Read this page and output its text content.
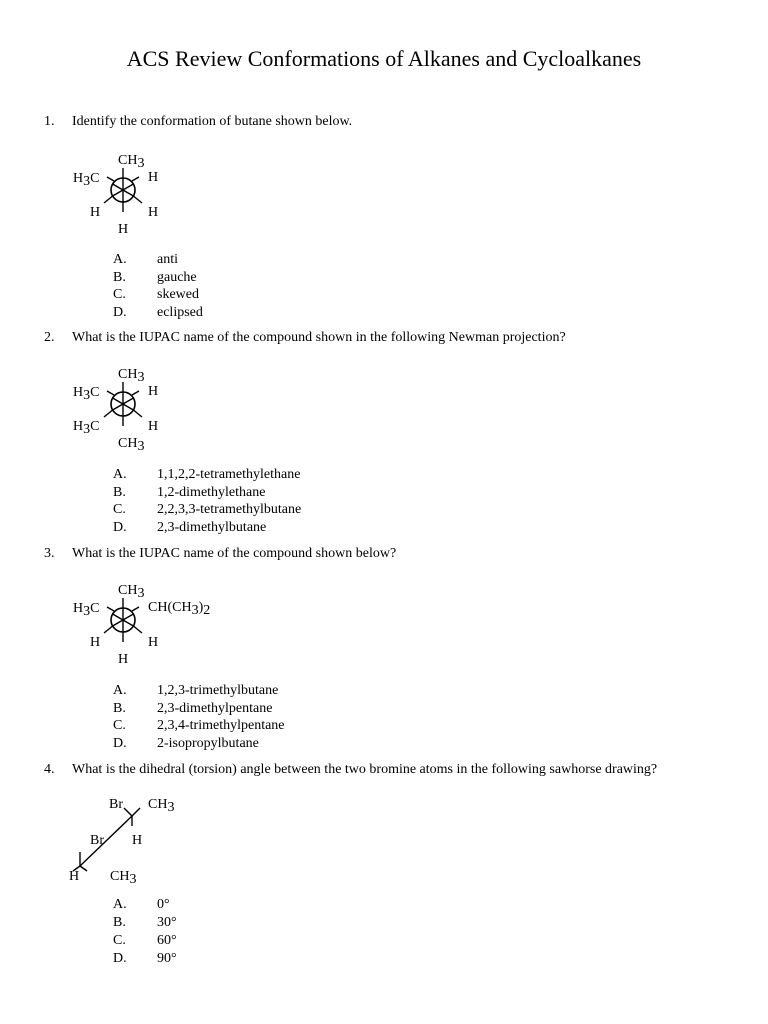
ACS Review Conformations of Alkanes and Cycloalkanes
1.	Identify the conformation of butane shown below.
CH3
H3C	H
H	H
H
A. anti
B. gauche
C. skewed
D. eclipsed
2.	What is the IUPAC name of the compound shown in the following Newman projection?
CH3
H3C	H
H3C	H
CH3
A. 1,1,2,2-tetramethylethane
B. 1,2-dimethylethane
C. 2,2,3,3-tetramethylbutane
D. 2,3-dimethylbutane
3.	What is the IUPAC name of the compound shown below?
CH3
H3C	CH(CH3)2
H	H
H
A. 1,2,3-trimethylbutane
B. 2,3-dimethylpentane
C. 2,3,4-trimethylpentane
D. 2-isopropylbutane
4.	What is the dihedral (torsion) angle between the two bromine atoms in the following sawhorse drawing?
Br CH3
H
Br
H CH3
A. 0°
B. 30°
C. 60°
D. 90°
